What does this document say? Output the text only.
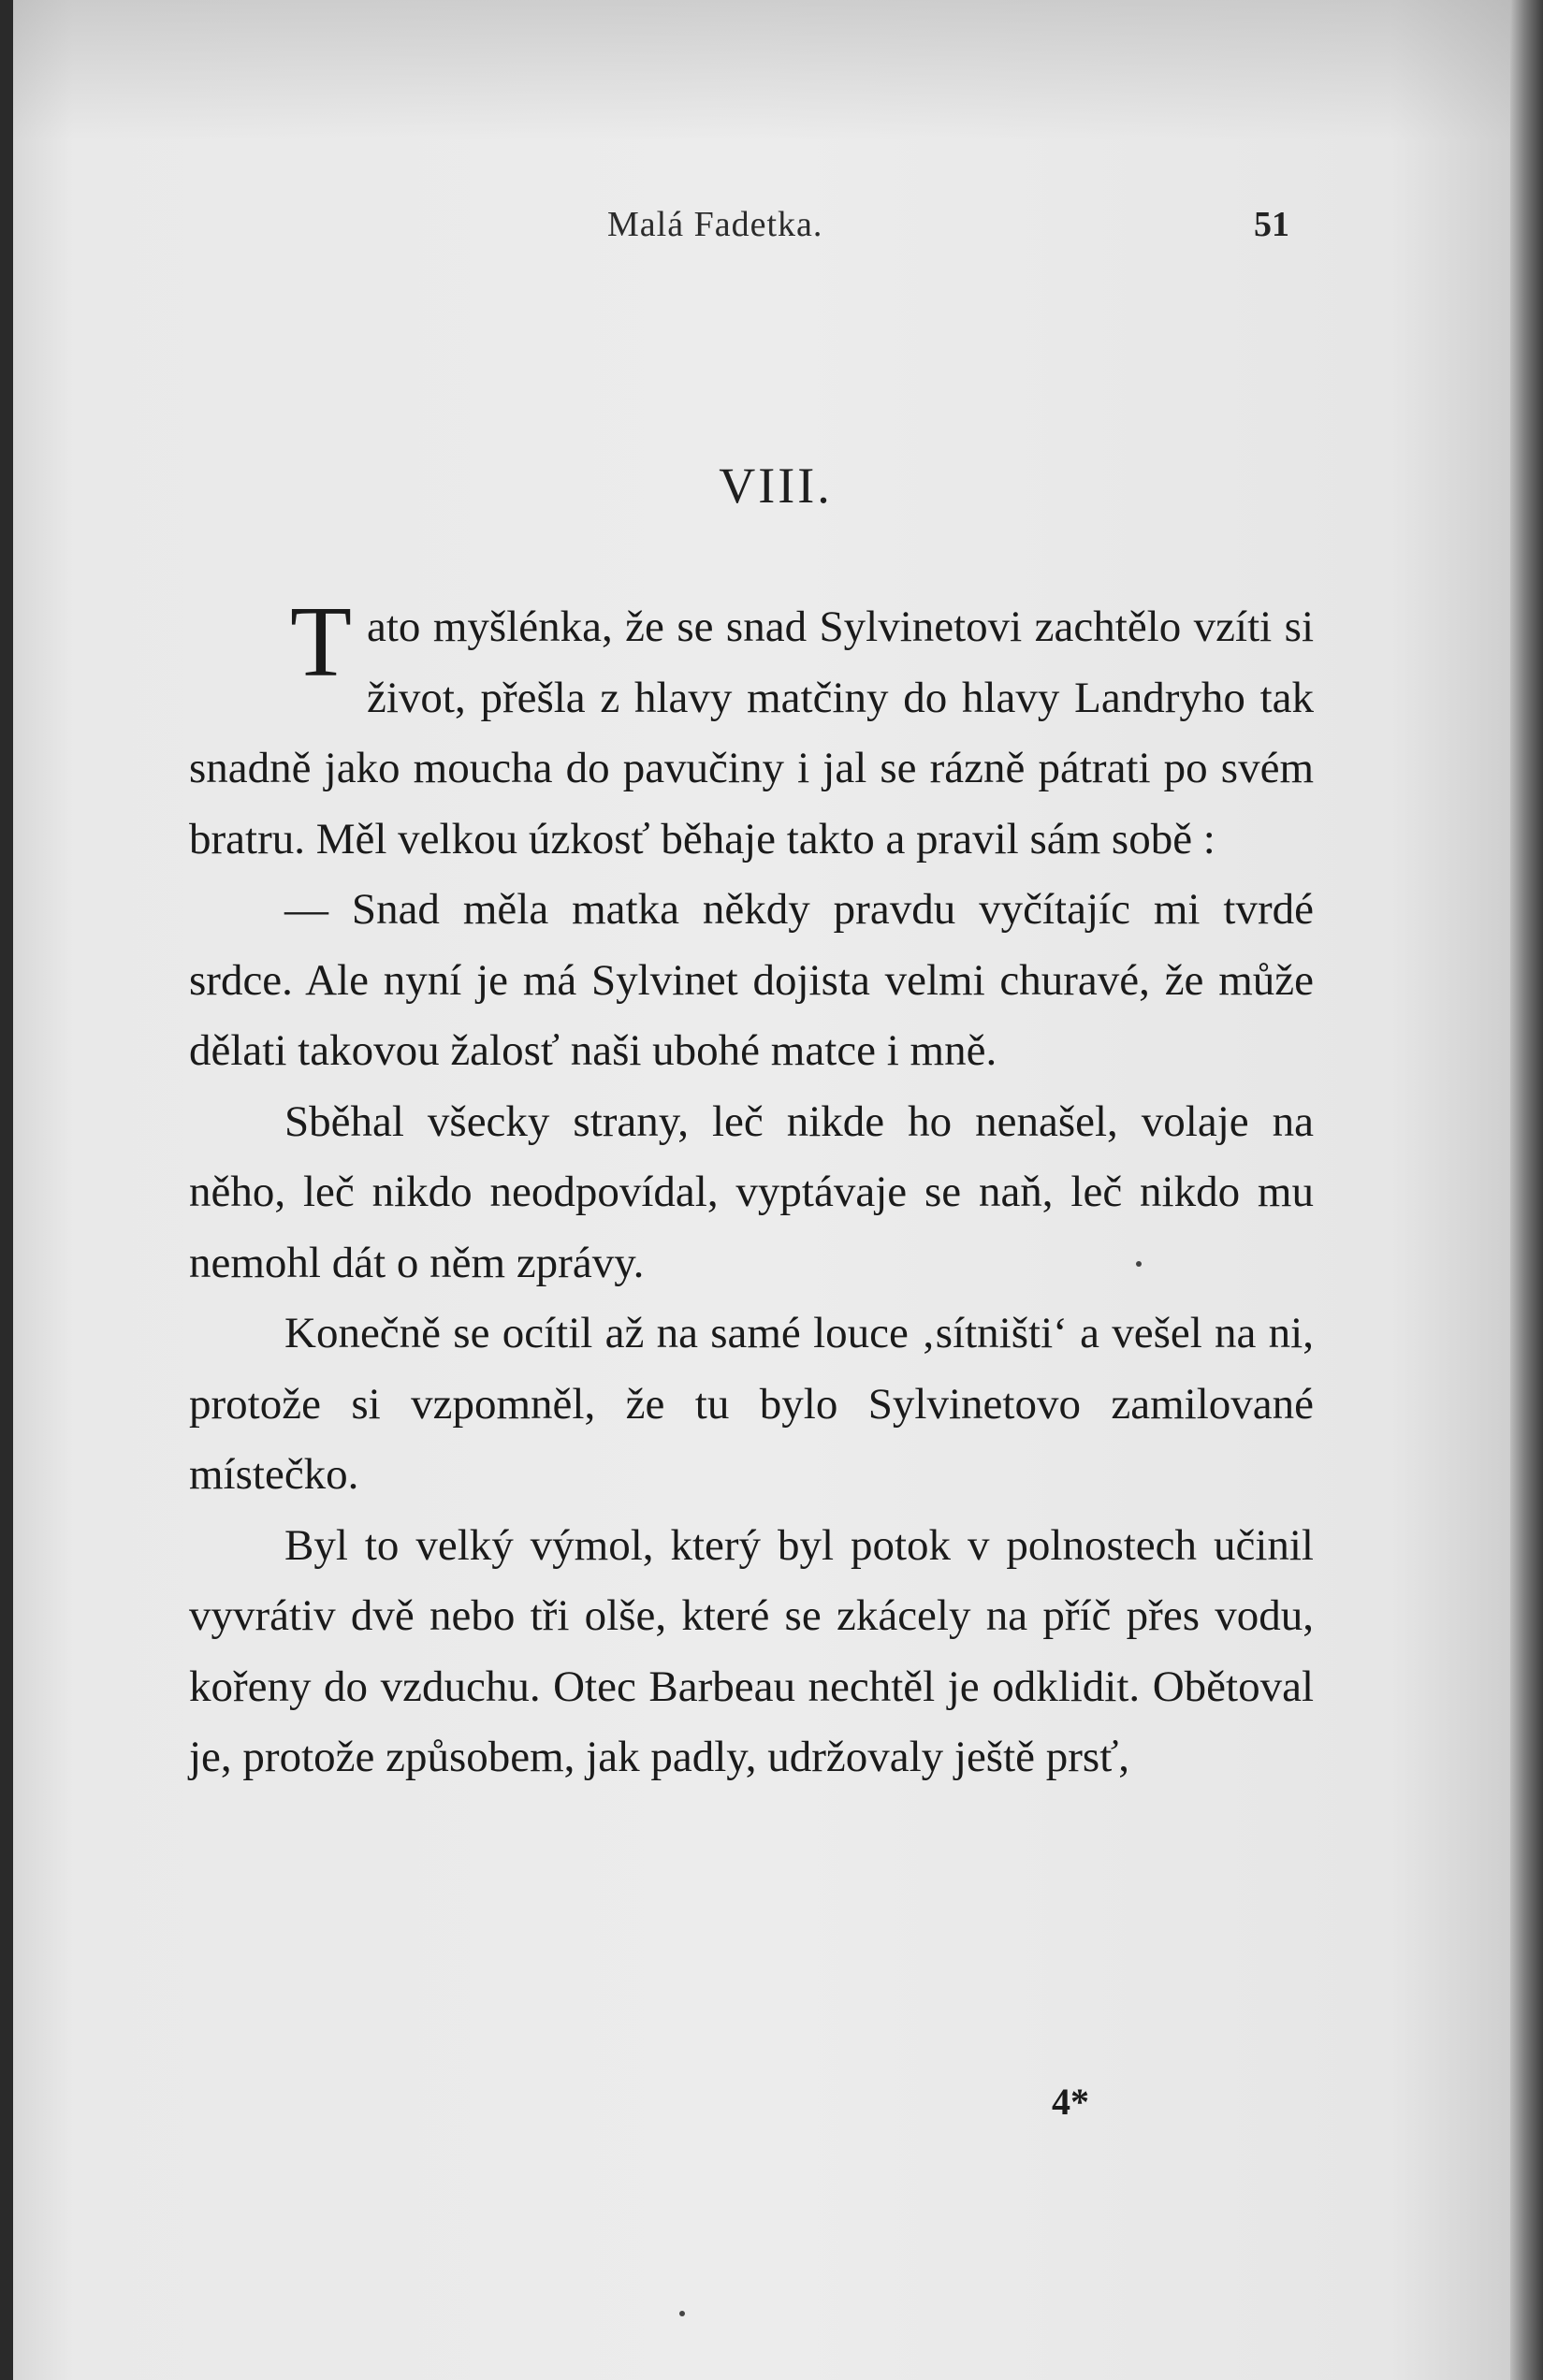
Malá Fadetka.	51
VIII.

Tato myšlénka, že se snad Sylvinetovi zachtělo vzíti si život, přešla z hlavy matčiny do hlavy Landryho tak snadně jako moucha do pavučiny i jal se rázně pátrati po svém bratru. Měl velkou úzkosť běhaje takto a pravil sám sobě :

— Snad měla matka někdy pravdu vyčítajíc mi tvrdé srdce. Ale nyní je má Sylvinet dojista velmi churavé, že může dělati takovou žalosť naši ubohé matce i mně.

Sběhal všecky strany, leč nikde ho nenašel, volaje na něho, leč nikdo neodpovídal, vyptávaje se naň, leč nikdo mu nemohl dát o něm zprávy.

Konečně se ocítil až na samé louce ‚sítništi‘ a vešel na ni, protože si vzpomněl, že tu bylo Sylvinetovo zamilované místečko.

Byl to velký výmol, který byl potok v polnostech učinil vyvrátiv dvě nebo tři olše, které se zkácely na příč přes vodu, kořeny do vzduchu. Otec Barbeau nechtěl je odklidit. Obětoval je, protože způsobem, jak padly, udržovaly ještě prsť,

4*
